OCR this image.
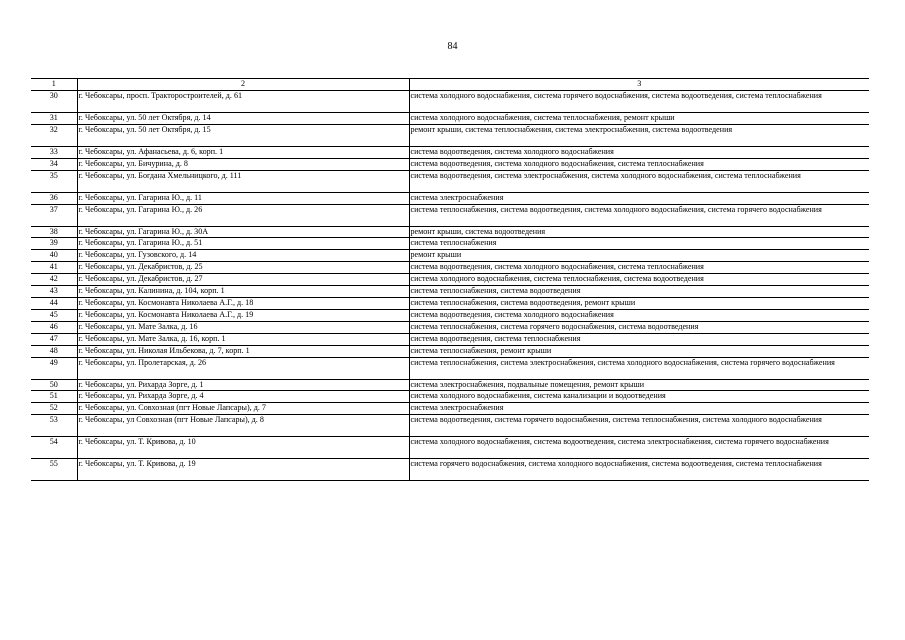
84
1	2	3
30	г. Чебоксары, просп. Тракторостроителей, д. 61	система холодного водоснабжения, система горячего водоснабжения, система водоотведения, система теплоснабжения
31	г. Чебоксары, ул. 50 лет Октября, д. 14	система холодного водоснабжения, система теплоснабжения, ремонт крыши
32	г. Чебоксары, ул. 50 лет Октября, д. 15	ремонт крыши, система теплоснабжения, система электроснабжения, система водоотведения
33	г. Чебоксары, ул. Афанасьева, д. 6, корп. 1	система водоотведения, система холодного водоснабжения
34	г. Чебоксары, ул. Бичурина, д. 8	система водоотведения, система холодного водоснабжения, система теплоснабжения
35	г. Чебоксары, ул. Богдана Хмельницкого, д. 111	система водоотведения, система электроснабжения, система холодного водоснабжения, система теплоснабжения
36	г. Чебоксары, ул. Гагарина Ю., д. 11	система электроснабжения
37	г. Чебоксары, ул. Гагарина Ю., д. 26	система теплоснабжения, система водоотведения, система холодного водоснабжения, система горячего водоснабжения
38	г. Чебоксары, ул. Гагарина Ю., д. 30А	ремонт крыши, система водоотведения
39	г. Чебоксары, ул. Гагарина Ю., д. 51	система теплоснабжения
40	г. Чебоксары, ул. Гузовского, д. 14	ремонт крыши
41	г. Чебоксары, ул. Декабристов, д. 25	система водоотведения, система холодного водоснабжения, система теплоснабжения
42	г. Чебоксары, ул. Декабристов, д. 27	система холодного водоснабжения, система теплоснабжения, система водоотведения
43	г. Чебоксары, ул. Калинина, д. 104, корп. 1	система теплоснабжения, система водоотведения
44	г. Чебоксары, ул. Космонавта Николаева А.Г., д. 18	система теплоснабжения, система водоотведения, ремонт крыши
45	г. Чебоксары, ул. Космонавта Николаева А.Г., д. 19	система водоотведения, система холодного водоснабжения
46	г. Чебоксары, ул. Мате Залка, д. 16	система теплоснабжения, система горячего водоснабжения, система водоотведения
47	г. Чебоксары, ул. Мате Залка, д. 16, корп. 1	система водоотведения, система теплоснабжения
48	г. Чебоксары, ул. Николая Ильбекова, д. 7, корп. 1	система теплоснабжения, ремонт крыши
49	г. Чебоксары, ул. Пролетарская, д. 26	система теплоснабжения, система электроснабжения, система холодного водоснабжения, система горячего водоснабжения
50	г. Чебоксары, ул. Рихарда Зорге, д. 1	система электроснабжения, подвальные помещения, ремонт крыши
51	г. Чебоксары, ул. Рихарда Зорге, д. 4	система холодного водоснабжения, система канализации и водоотведения
52	г. Чебоксары, ул. Совхозная (пгт Новые Лапсары), д. 7	система электроснабжения
53	г. Чебоксары, ул Совхозная (пгт Новые Лапсары), д. 8	система водоотведения, система горячего водоснабжения, система теплоснабжения, система холодного водоснабжения
54	г. Чебоксары, ул. Т. Кривова, д. 10	система холодного водоснабжения, система водоотведения, система электроснабжения, система горячего водоснабжения
55	г. Чебоксары, ул. Т. Кривова, д. 19	система горячего водоснабжения, система холодного водоснабжения, система водоотведения, система теплоснабжения
